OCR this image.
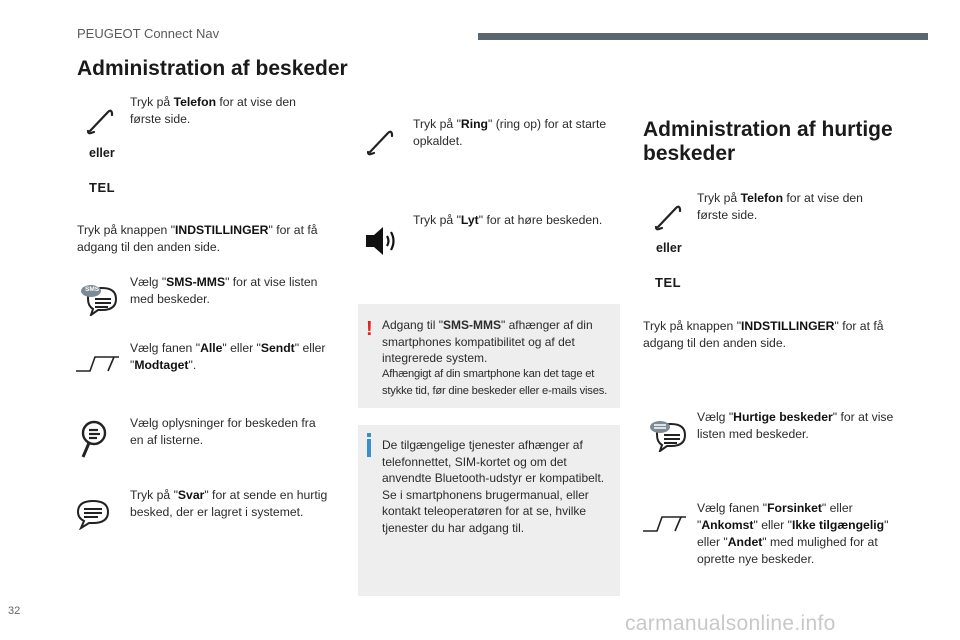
PEUGEOT Connect Nav
Administration af beskeder
Tryk på Telefon for at vise den første side.
eller
TEL
Tryk på knappen "INDSTILLINGER" for at få adgang til den anden side.
SMS
Vælg "SMS-MMS" for at vise listen med beskeder.
Vælg fanen "Alle" eller "Sendt" eller "Modtaget".
Vælg oplysninger for beskeden fra en af listerne.
Tryk på "Svar" for at sende en hurtig besked, der er lagret i systemet.
Tryk på "Ring" (ring op) for at starte opkaldet.
Tryk på "Lyt" for at høre beskeden.
! Adgang til "SMS-MMS" afhænger af din smartphones kompatibilitet og af det integrerede system.
Afhængigt af din smartphone kan det tage et stykke tid, før dine beskeder eller e-mails vises.
De tilgængelige tjenester afhænger af telefonnettet, SIM-kortet og om det anvendte Bluetooth-udstyr er kompatibelt. Se i smartphonens brugermanual, eller kontakt teleoperatøren for at se, hvilke tjenester du har adgang til.
Administration af hurtige beskeder
Tryk på Telefon for at vise den første side.
eller
TEL
Tryk på knappen "INDSTILLINGER" for at få adgang til den anden side.
Vælg "Hurtige beskeder" for at vise listen med beskeder.
Vælg fanen "Forsinket" eller "Ankomst" eller "Ikke tilgængelig" eller "Andet" med mulighed for at oprette nye beskeder.
32
carmanualsonline.info
